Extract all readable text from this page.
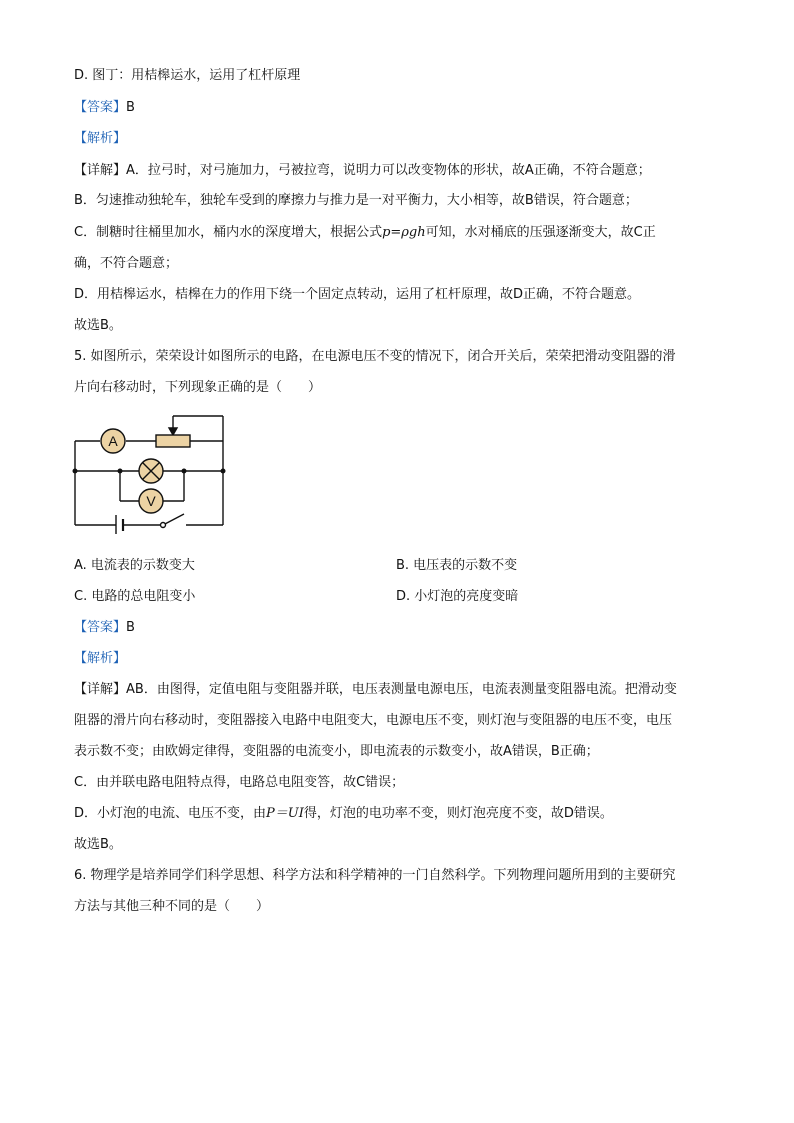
D. 图丁：用桔槔运水，运用了杠杆原理
【答案】B
【解析】
【详解】A．拉弓时，对弓施加力，弓被拉弯，说明力可以改变物体的形状，故A正确，不符合题意；
B．匀速推动独轮车，独轮车受到的摩擦力与推力是一对平衡力，大小相等，故B错误，符合题意；
C．制糖时往桶里加水，桶内水的深度增大，根据公式p=ρgh可知，水对桶底的压强逐渐变大，故C正
确，不符合题意；
D．用桔槔运水，桔槔在力的作用下绕一个固定点转动，运用了杠杆原理，故D正确，不符合题意。
故选B。
5. 如图所示，荣荣设计如图所示的电路，在电源电压不变的情况下，闭合开关后，荣荣把滑动变阻器的滑
片向右移动时，下列现象正确的是（　　）
A
V
A. 电流表的示数变大	B. 电压表的示数不变
C. 电路的总电阻变小	D. 小灯泡的亮度变暗
【答案】B
【解析】
【详解】AB．由图得，定值电阻与变阻器并联，电压表测量电源电压，电流表测量变阻器电流。把滑动变
阻器的滑片向右移动时，变阻器接入电路中电阻变大，电源电压不变，则灯泡与变阻器的电压不变，电压
表示数不变；由欧姆定律得，变阻器的电流变小，即电流表的示数变小，故A错误，B正确；
C．由并联电路电阻特点得，电路总电阻变答，故C错误；
D．小灯泡的电流、电压不变，由P＝UI得，灯泡的电功率不变，则灯泡亮度不变，故D错误。
故选B。
6. 物理学是培养同学们科学思想、科学方法和科学精神的一门自然科学。下列物理问题所用到的主要研究
方法与其他三种不同的是（　　）
